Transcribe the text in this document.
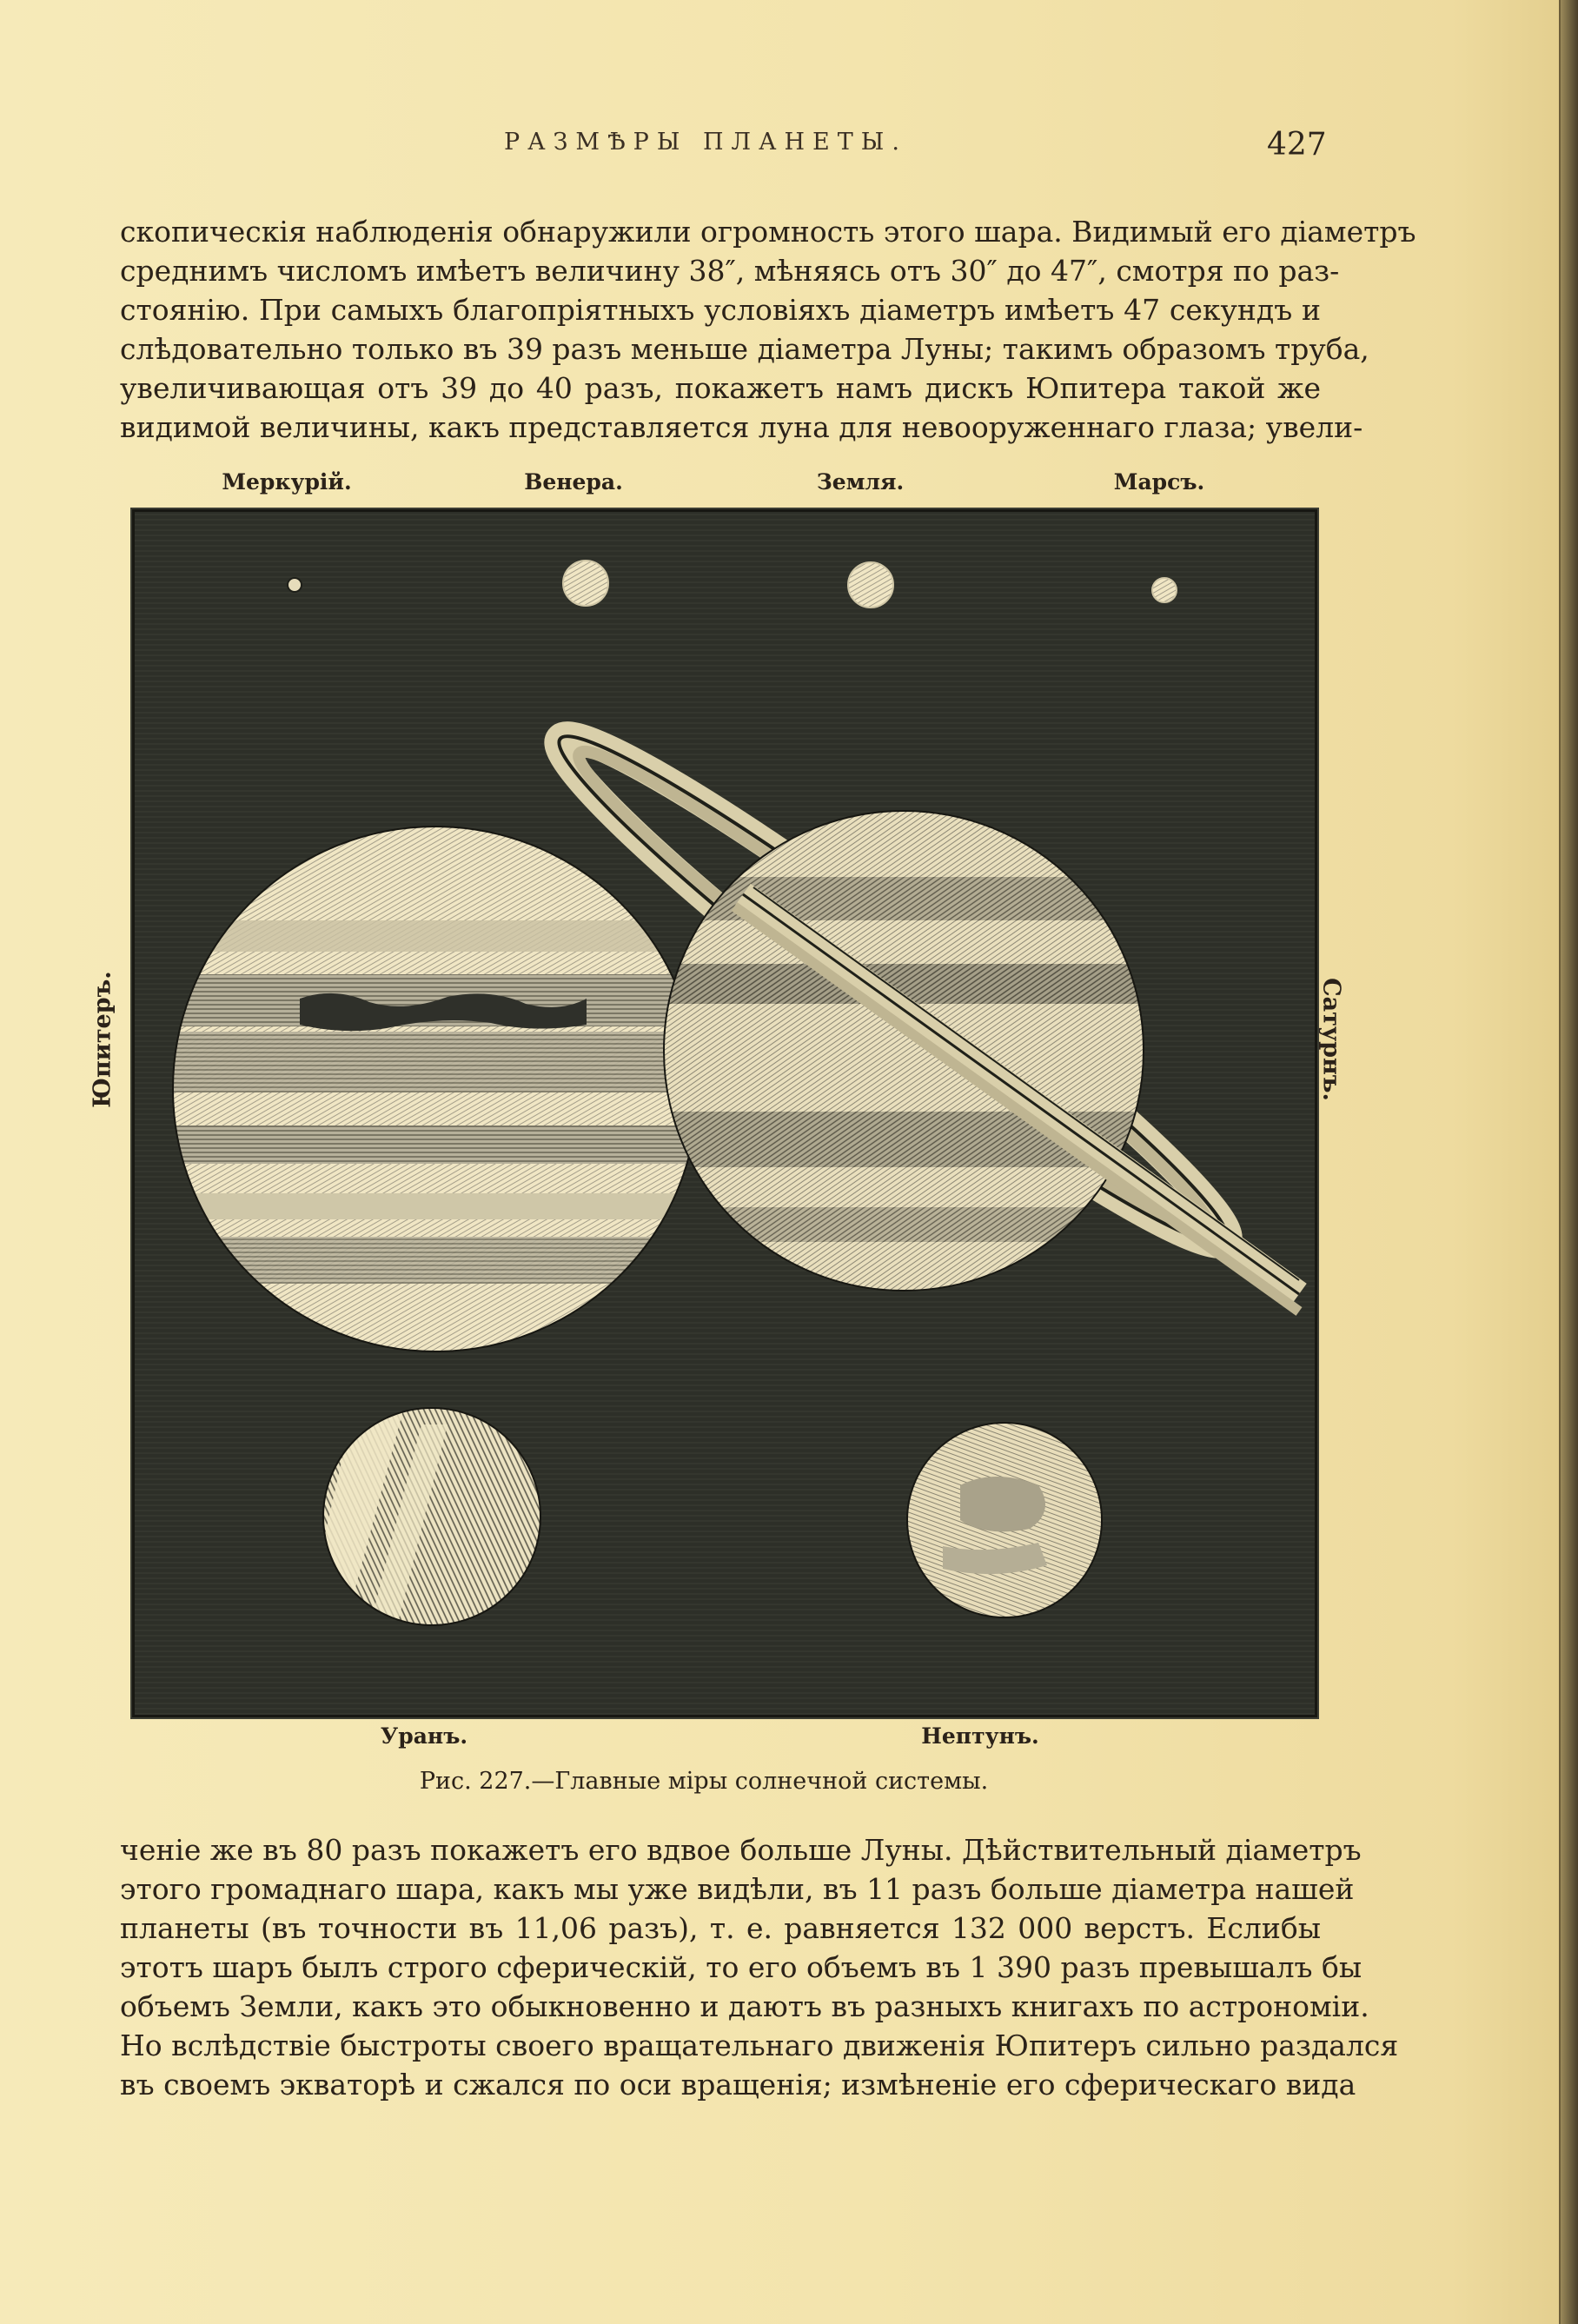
РАЗМѢРЫ ПЛАНЕТЫ.	427
скопическія наблюденія обнаружили огромность этого шара. Видимый его діаметръ
среднимъ числомъ имѣетъ величину 38″, мѣняясь отъ 30″ до 47″, смотря по раз-
стоянію. При самыхъ благопріятныхъ условіяхъ діаметръ имѣетъ 47 секундъ и
слѣдовательно только въ 39 разъ меньше діаметра Луны; такимъ образомъ труба,
увеличивающая отъ 39 до 40 разъ, покажетъ намъ дискъ Юпитера такой же
видимой величины, какъ представляется луна для невооруженнаго глаза; увели-
Меркурій.	Венера.	Земля.	Марсъ.
Юпитеръ.	Сатурнъ.
Уранъ.	Нептунъ.
Рис. 227.—Главные міры солнечной системы.
ченіе же въ 80 разъ покажетъ его вдвое больше Луны. Дѣйствительный діаметръ
этого громаднаго шара, какъ мы уже видѣли, въ 11 разъ больше діаметра нашей
планеты (въ точности въ 11,06 разъ), т. е. равняется 132 000 верстъ. Еслибы
этотъ шаръ былъ строго сферическій, то его объемъ въ 1 390 разъ превышалъ бы
объемъ Земли, какъ это обыкновенно и даютъ въ разныхъ книгахъ по астрономіи.
Но вслѣдствіе быстроты своего вращательнаго движенія Юпитеръ сильно раздался
въ своемъ экваторѣ и сжался по оси вращенія; измѣненіе его сферическаго вида
